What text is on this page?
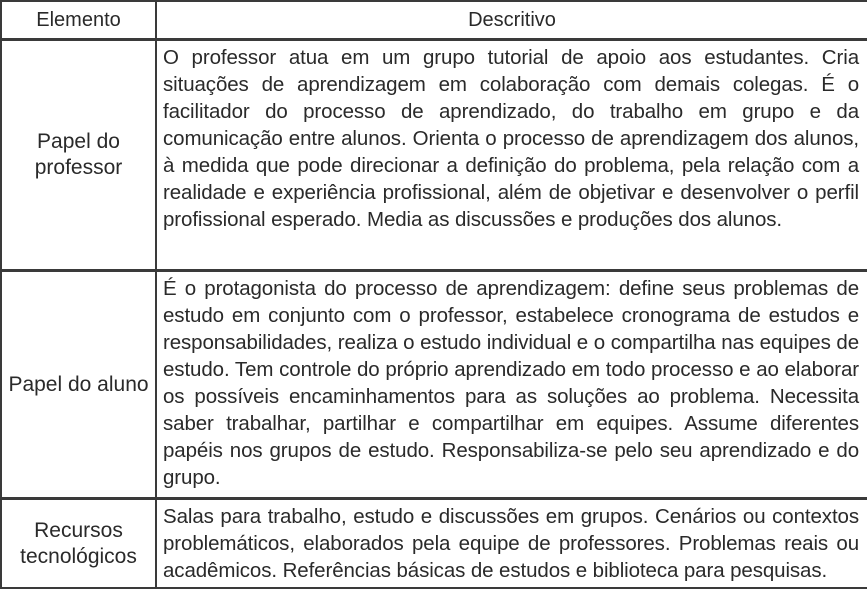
Elemento	Descritivo
Papel do professor	O professor atua em um grupo tutorial de apoio aos estudantes. Cria situações de aprendizagem em colaboração com demais colegas. É o facilitador do processo de aprendizado, do trabalho em grupo e da comunicação entre alunos. Orienta o processo de aprendizagem dos alunos, à medida que pode direcionar a definição do problema, pela relação com a realidade e experiência profissional, além de objetivar e desenvolver o perfil profissional esperado. Media as discussões e produções dos alunos.
Papel do aluno	É o protagonista do processo de aprendizagem: define seus problemas de estudo em conjunto com o professor, estabelece cronograma de estudos e responsabilidades, realiza o estudo individual e o compartilha nas equipes de estudo. Tem controle do próprio aprendizado em todo processo e ao elaborar os possíveis encaminhamentos para as soluções ao problema. Necessita saber trabalhar, partilhar e compartilhar em equipes. Assume diferentes papéis nos grupos de estudo. Responsabiliza-se pelo seu aprendizado e do grupo.
Recursos tecnológicos	Salas para trabalho, estudo e discussões em grupos. Cenários ou contextos problemáticos, elaborados pela equipe de professores. Problemas reais ou acadêmicos. Referências básicas de estudos e biblioteca para pesquisas.
